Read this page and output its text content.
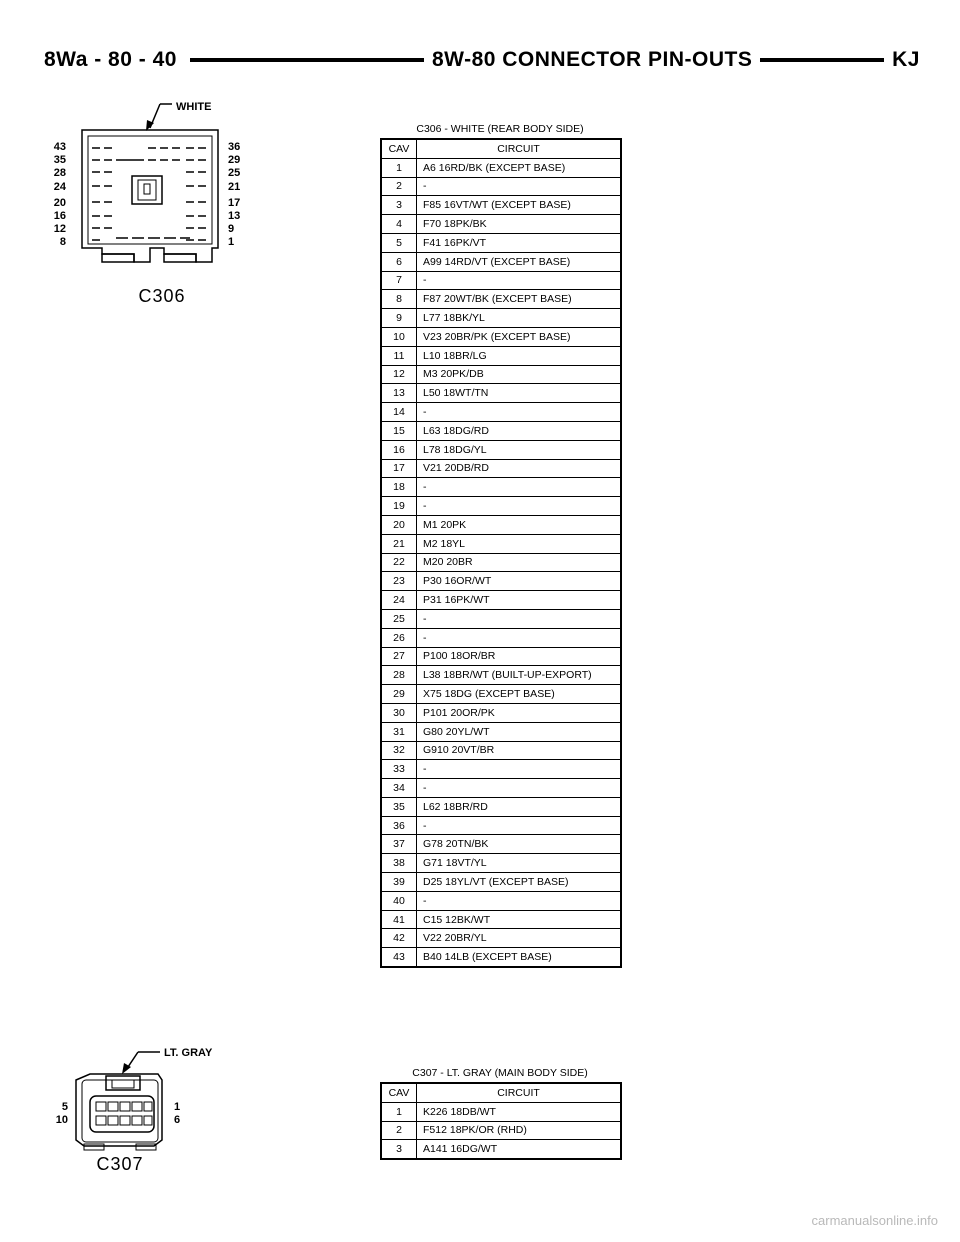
8Wa - 80 - 40	8W-80 CONNECTOR PIN-OUTS	KJ
WHITE
43
35
28
24
20
16
12
8
36
29
25
21
17
13
9
1
C306
LT. GRAY
5
10
1
6
C307
C306 - WHITE (REAR BODY SIDE)
CAV	CIRCUIT
1	A6 16RD/BK (EXCEPT BASE)
2	-
3	F85 16VT/WT (EXCEPT BASE)
4	F70 18PK/BK
5	F41 16PK/VT
6	A99 14RD/VT (EXCEPT BASE)
7	-
8	F87 20WT/BK (EXCEPT BASE)
9	L77 18BK/YL
10	V23 20BR/PK (EXCEPT BASE)
11	L10 18BR/LG
12	M3 20PK/DB
13	L50 18WT/TN
14	-
15	L63 18DG/RD
16	L78 18DG/YL
17	V21 20DB/RD
18	-
19	-
20	M1 20PK
21	M2 18YL
22	M20 20BR
23	P30 16OR/WT
24	P31 16PK/WT
25	-
26	-
27	P100 18OR/BR
28	L38 18BR/WT (BUILT-UP-EXPORT)
29	X75 18DG (EXCEPT BASE)
30	P101 20OR/PK
31	G80 20YL/WT
32	G910 20VT/BR
33	-
34	-
35	L62 18BR/RD
36	-
37	G78 20TN/BK
38	G71 18VT/YL
39	D25 18YL/VT (EXCEPT BASE)
40	-
41	C15 12BK/WT
42	V22 20BR/YL
43	B40 14LB (EXCEPT BASE)
C307 - LT. GRAY (MAIN BODY SIDE)
CAV	CIRCUIT
1	K226 18DB/WT
2	F512 18PK/OR (RHD)
3	A141 16DG/WT
carmanualsonline.info
